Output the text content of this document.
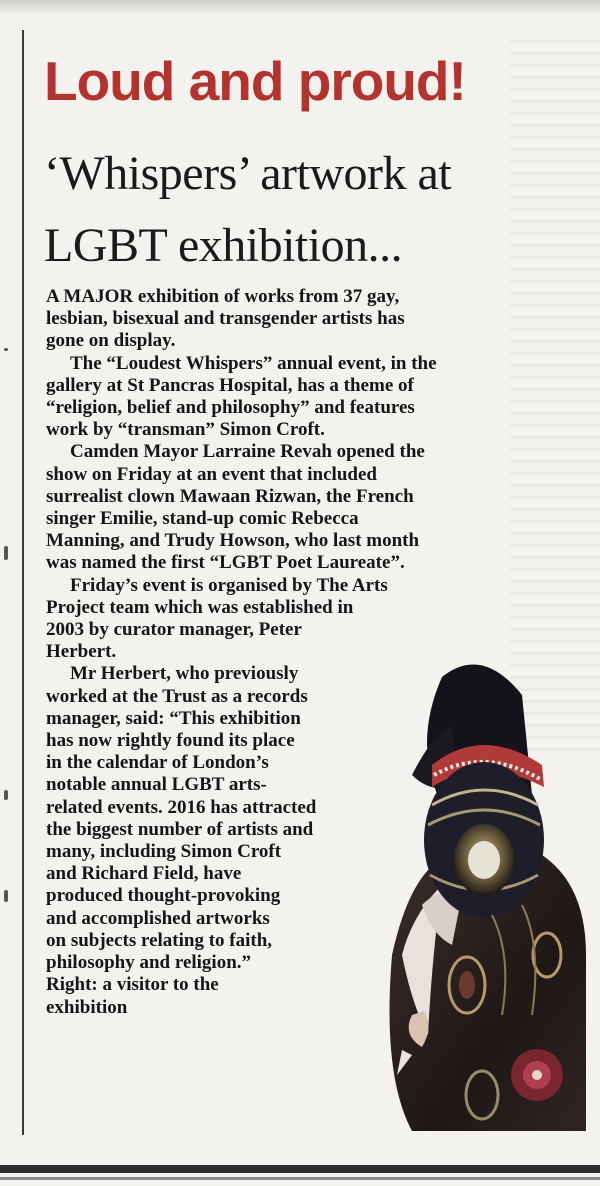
Loud and proud!
‘Whispers’ artwork at
LGBT exhibition...
A MAJOR exhibition of works from 37 gay,
lesbian, bisexual and transgender artists has
gone on display.
The “Loudest Whispers” annual event, in the
gallery at St Pancras Hospital, has a theme of
“religion, belief and philosophy” and features
work by “transman” Simon Croft.
Camden Mayor Larraine Revah opened the
show on Friday at an event that included
surrealist clown Mawaan Rizwan, the French
singer Emilie, stand-up comic Rebecca
Manning, and Trudy Howson, who last month
was named the first “LGBT Poet Laureate”.
Friday’s event is organised by The Arts
Project team which was established in
2003 by curator manager, Peter
Herbert.
Mr Herbert, who previously
worked at the Trust as a records
manager, said: “This exhibition
has now rightly found its place
in the calendar of London’s
notable annual LGBT arts-
related events. 2016 has attracted
the biggest number of artists and
many, including Simon Croft
and Richard Field, have
produced thought-provoking
and accomplished artworks
on subjects relating to faith,
philosophy and religion.”
Right: a visitor to the
exhibition
